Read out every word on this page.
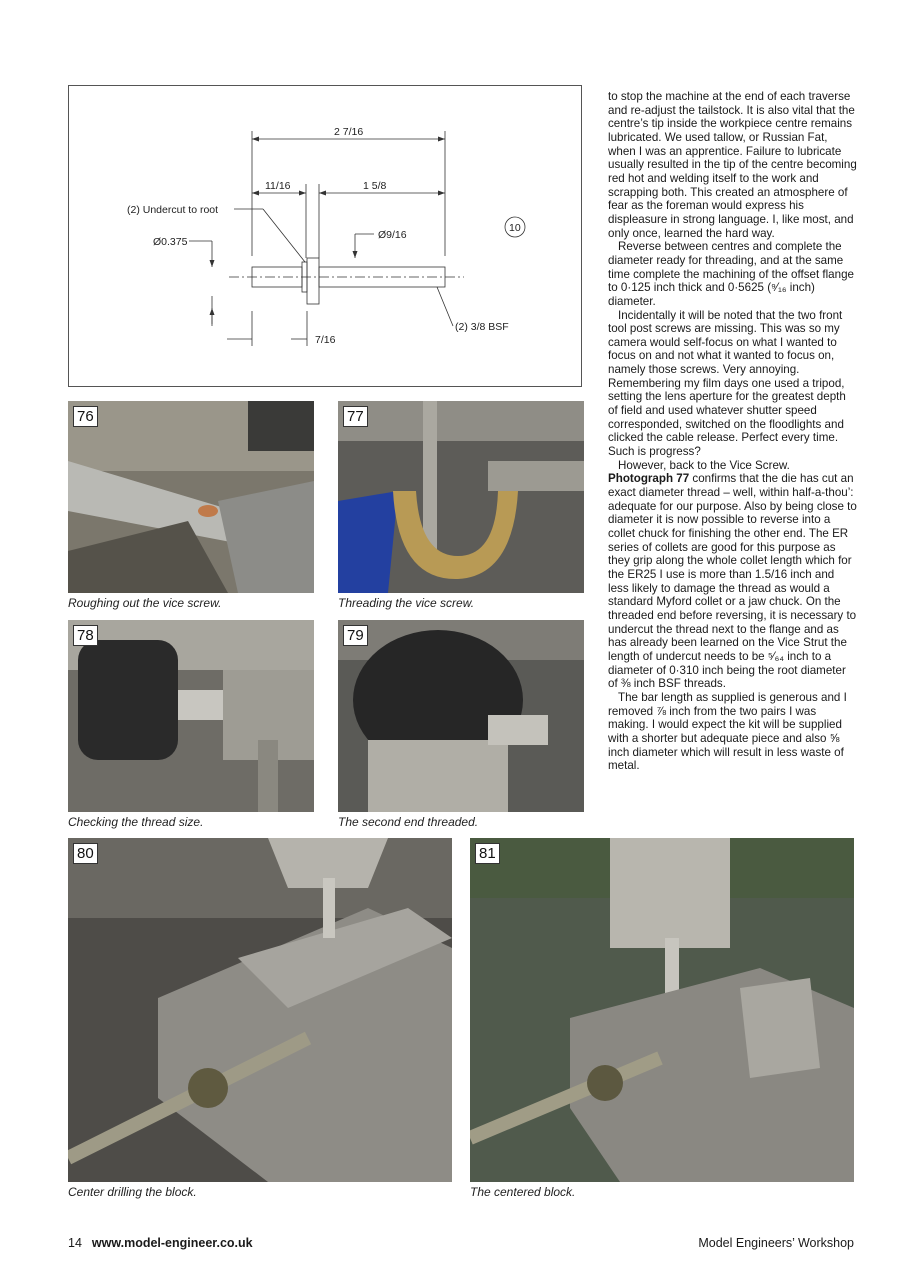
2 7/16
11/16	1 5/8
(2) Undercut to root
Ø9/16
Ø0.375
(2) 3/8 BSF
7/16
10
76
Roughing out the vice screw.
77
Threading the vice screw.
78
Checking the thread size.
79
The second end threaded.
80
Center drilling the block.
81
The centered block.

to stop the machine at the end of each traverse and re-adjust the tailstock. It is also vital that the centre’s tip inside the workpiece centre remains lubricated. We used tallow, or Russian Fat, when I was an apprentice. Failure to lubricate usually resulted in the tip of the centre becoming red hot and welding itself to the work and scrapping both. This created an atmosphere of fear as the foreman would express his displeasure in strong language. I, like most, and only once, learned the hard way.

Reverse between centres and complete the diameter ready for threading, and at the same time complete the machining of the offset flange to 0·125 inch thick and 0·5625 (⁹⁄₁₆ inch) diameter.

Incidentally it will be noted that the two front tool post screws are missing. This was so my camera would self-focus on what I wanted to focus on and not what it wanted to focus on, namely those screws. Very annoying. Remembering my film days one used a tripod, setting the lens aperture for the greatest depth of field and used whatever shutter speed corresponded, switched on the floodlights and clicked the cable release. Perfect every time. Such is progress?

However, back to the Vice Screw.
Photograph 77 confirms that the die has cut an exact diameter thread – well, within half-a-thou’: adequate for our purpose. Also by being close to diameter it is now possible to reverse into a collet chuck for finishing the other end. The ER series of collets are good for this purpose as they grip along the whole collet length which for the ER25 I use is more than 1.5/16 inch and less likely to damage the thread as would a standard Myford collet or a jaw chuck. On the threaded end before reversing, it is necessary to undercut the thread next to the flange and as has already been learned on the Vice Strut the length of undercut needs to be ⁵⁄₆₄ inch to a diameter of 0·310 inch being the root diameter of ⅜ inch BSF threads.

The bar length as supplied is generous and I removed ⅞ inch from the two pairs I was making. I would expect the kit will be supplied with a shorter but adequate piece and also ⅝ inch diameter which will result in less waste of metal.

14 www.model-engineer.co.uk	Model Engineers’ Workshop
